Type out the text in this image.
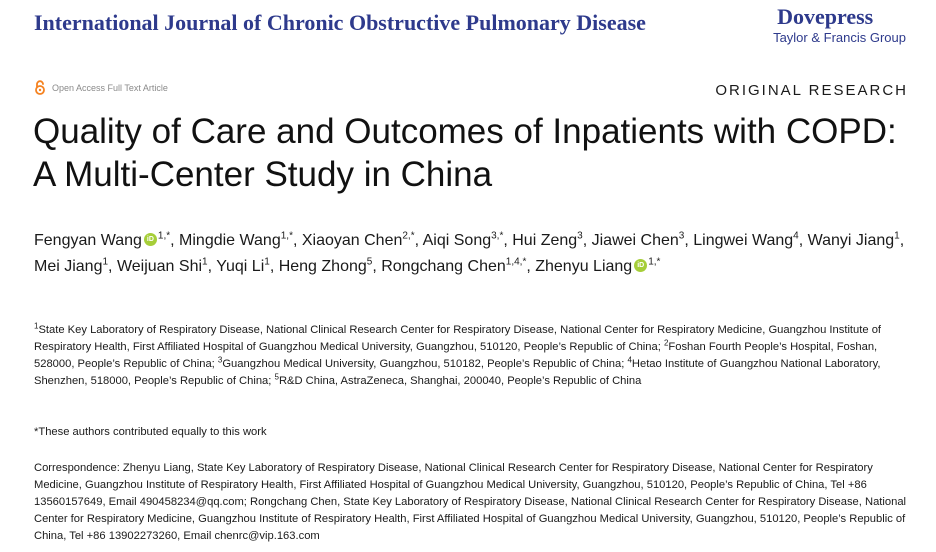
International Journal of Chronic Obstructive Pulmonary Disease	Dovepress
Taylor & Francis Group
Open Access Full Text Article	ORIGINAL RESEARCH
Quality of Care and Outcomes of Inpatients with COPD: A Multi-Center Study in China
Fengyan WangiD $^{1,*}$, Mingdie Wang$^{1,*}$, Xiaoyan Chen$^{2,*}$, Aiqi Song$^{3,*}$, Hui Zeng$^3$, Jiawei Chen$^3$, Lingwei Wang$^4$, Wanyi Jiang$^1$, Mei Jiang$^1$, Weijuan Shi$^1$, Yuqi Li$^1$, Heng Zhong$^5$, Rongchang Chen$^{1,4,*}$, Zhenyu LiangiD $^{1,*}$
$^1$State Key Laboratory of Respiratory Disease, National Clinical Research Center for Respiratory Disease, National Center for Respiratory Medicine, Guangzhou Institute of Respiratory Health, First Affiliated Hospital of Guangzhou Medical University, Guangzhou, 510120, People’s Republic of China; $^2$Foshan Fourth People’s Hospital, Foshan, 528000, People’s Republic of China; $^3$Guangzhou Medical University, Guangzhou, 510182, People’s Republic of China; $^4$Hetao Institute of Guangzhou National Laboratory, Shenzhen, 518000, People’s Republic of China; $^5$R&D China, AstraZeneca, Shanghai, 200040, People’s Republic of China
*These authors contributed equally to this work
Correspondence: Zhenyu Liang, State Key Laboratory of Respiratory Disease, National Clinical Research Center for Respiratory Disease, National Center for Respiratory Medicine, Guangzhou Institute of Respiratory Health, First Affiliated Hospital of Guangzhou Medical University, Guangzhou, 510120, People’s Republic of China, Tel +86 13560157649, Email 490458234@qq.com; Rongchang Chen, State Key Laboratory of Respiratory Disease, National Clinical Research Center for Respiratory Disease, National Center for Respiratory Medicine, Guangzhou Institute of Respiratory Health, First Affiliated Hospital of Guangzhou Medical University, Guangzhou, 510120, People’s Republic of China, Tel +86 13902273260, Email chenrc@vip.163.com
